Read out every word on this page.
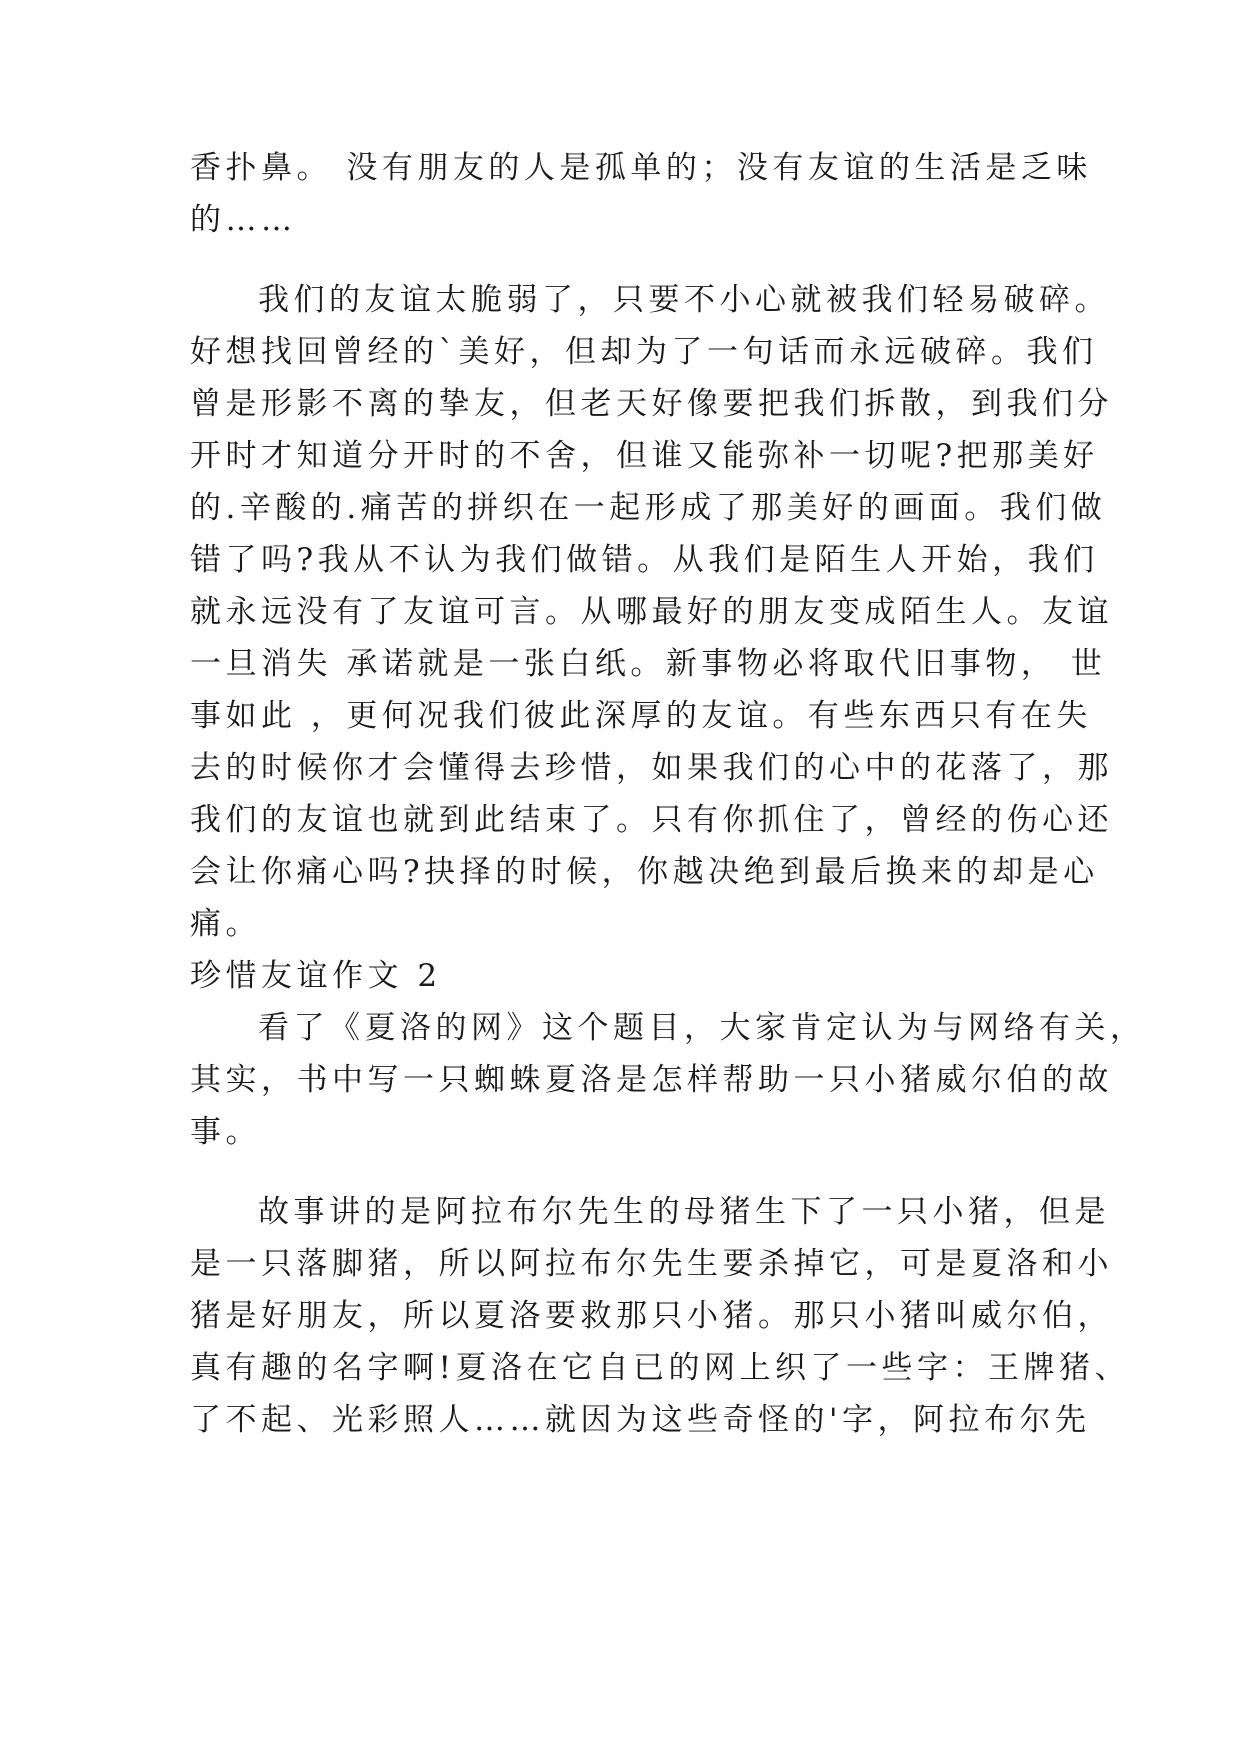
香扑鼻。 没有朋友的人是孤单的；没有友谊的生活是乏味
的……
我们的友谊太脆弱了，只要不小心就被我们轻易破碎。
好想找回曾经的`美好，但却为了一句话而永远破碎。我们
曾是形影不离的挚友，但老天好像要把我们拆散，到我们分
开时才知道分开时的不舍，但谁又能弥补一切呢?把那美好
的.辛酸的.痛苦的拼织在一起形成了那美好的画面。我们做
错了吗?我从不认为我们做错。从我们是陌生人开始，我们
就永远没有了友谊可言。从哪最好的朋友变成陌生人。友谊
一旦消失 承诺就是一张白纸。新事物必将取代旧事物， 世
事如此 ，更何况我们彼此深厚的友谊。有些东西只有在失
去的时候你才会懂得去珍惜，如果我们的心中的花落了，那
我们的友谊也就到此结束了。只有你抓住了，曾经的伤心还
会让你痛心吗?抉择的时候，你越决绝到最后换来的却是心
痛。
珍惜友谊作文 2
看了《夏洛的网》这个题目，大家肯定认为与网络有关，
其实，书中写一只蜘蛛夏洛是怎样帮助一只小猪威尔伯的故
事。
故事讲的是阿拉布尔先生的母猪生下了一只小猪，但是
是一只落脚猪，所以阿拉布尔先生要杀掉它，可是夏洛和小
猪是好朋友，所以夏洛要救那只小猪。那只小猪叫威尔伯，
真有趣的名字啊!夏洛在它自已的网上织了一些字：王牌猪、
了不起、光彩照人……就因为这些奇怪的'字，阿拉布尔先
